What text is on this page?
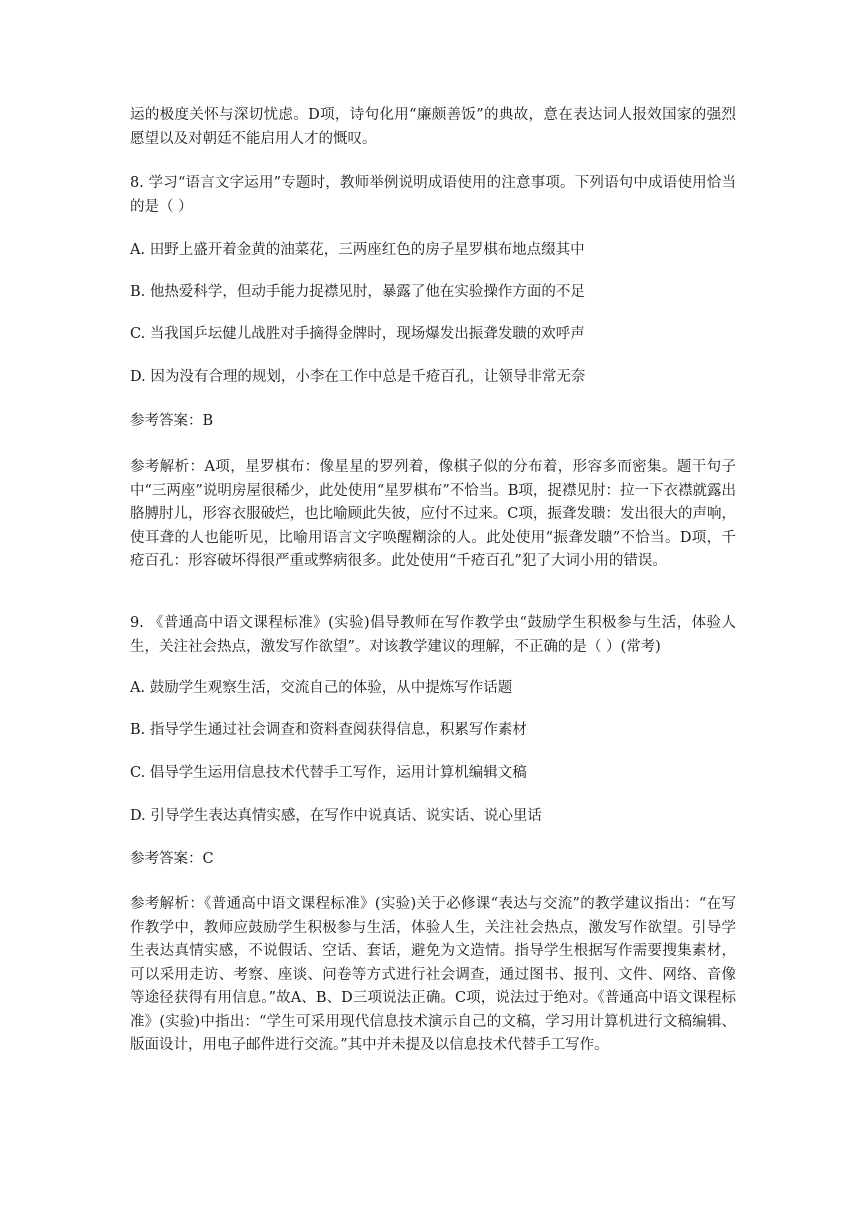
运的极度关怀与深切忧虑。D项，诗句化用“廉颇善饭”的典故，意在表达词人报效国家的强烈愿望以及对朝廷不能启用人才的慨叹。

8. 学习“语言文字运用”专题时，教师举例说明成语使用的注意事项。下列语句中成语使用恰当的是（ ）

A. 田野上盛开着金黄的油菜花，三两座红色的房子星罗棋布地点缀其中

B. 他热爱科学，但动手能力捉襟见肘，暴露了他在实验操作方面的不足

C. 当我国乒坛健儿战胜对手摘得金牌时，现场爆发出振聋发聩的欢呼声

D. 因为没有合理的规划，小李在工作中总是千疮百孔，让领导非常无奈

参考答案：B

参考解析：A项，星罗棋布：像星星的罗列着，像棋子似的分布着，形容多而密集。题干句子中“三两座”说明房屋很稀少，此处使用“星罗棋布”不恰当。B项，捉襟见肘：拉一下衣襟就露出胳膊肘儿，形容衣服破烂，也比喻顾此失彼，应付不过来。C项，振聋发聩：发出很大的声响，使耳聋的人也能听见，比喻用语言文字唤醒糊涂的人。此处使用“振聋发聩”不恰当。D项，千疮百孔：形容破坏得很严重或弊病很多。此处使用“千疮百孔”犯了大词小用的错误。

9. 《普通高中语文课程标准》(实验)倡导教师在写作教学虫“鼓励学生积极参与生活，体验人生，关注社会热点，激发写作欲望”。对该教学建议的理解，不正确的是（ ）(常考)

A. 鼓励学生观察生活，交流自己的体验，从中提炼写作话题

B. 指导学生通过社会调查和资料查阅获得信息，积累写作素材

C. 倡导学生运用信息技术代替手工写作，运用计算机编辑文稿

D. 引导学生表达真情实感，在写作中说真话、说实话、说心里话

参考答案：C

参考解析：《普通高中语文课程标准》(实验)关于必修课“表达与交流”的教学建议指出：“在写作教学中，教师应鼓励学生积极参与生活，体验人生，关注社会热点，激发写作欲望。引导学生表达真情实感，不说假话、空话、套话，避免为文造情。指导学生根据写作需要搜集素材，可以采用走访、考察、座谈、问卷等方式进行社会调查，通过图书、报刊、文件、网络、音像等途径获得有用信息。”故A、B、D三项说法正确。C项，说法过于绝对。《普通高中语文课程标准》(实验)中指出：“学生可采用现代信息技术演示自己的文稿，学习用计算机进行文稿编辑、版面设计，用电子邮件进行交流。”其中并未提及以信息技术代替手工写作。
